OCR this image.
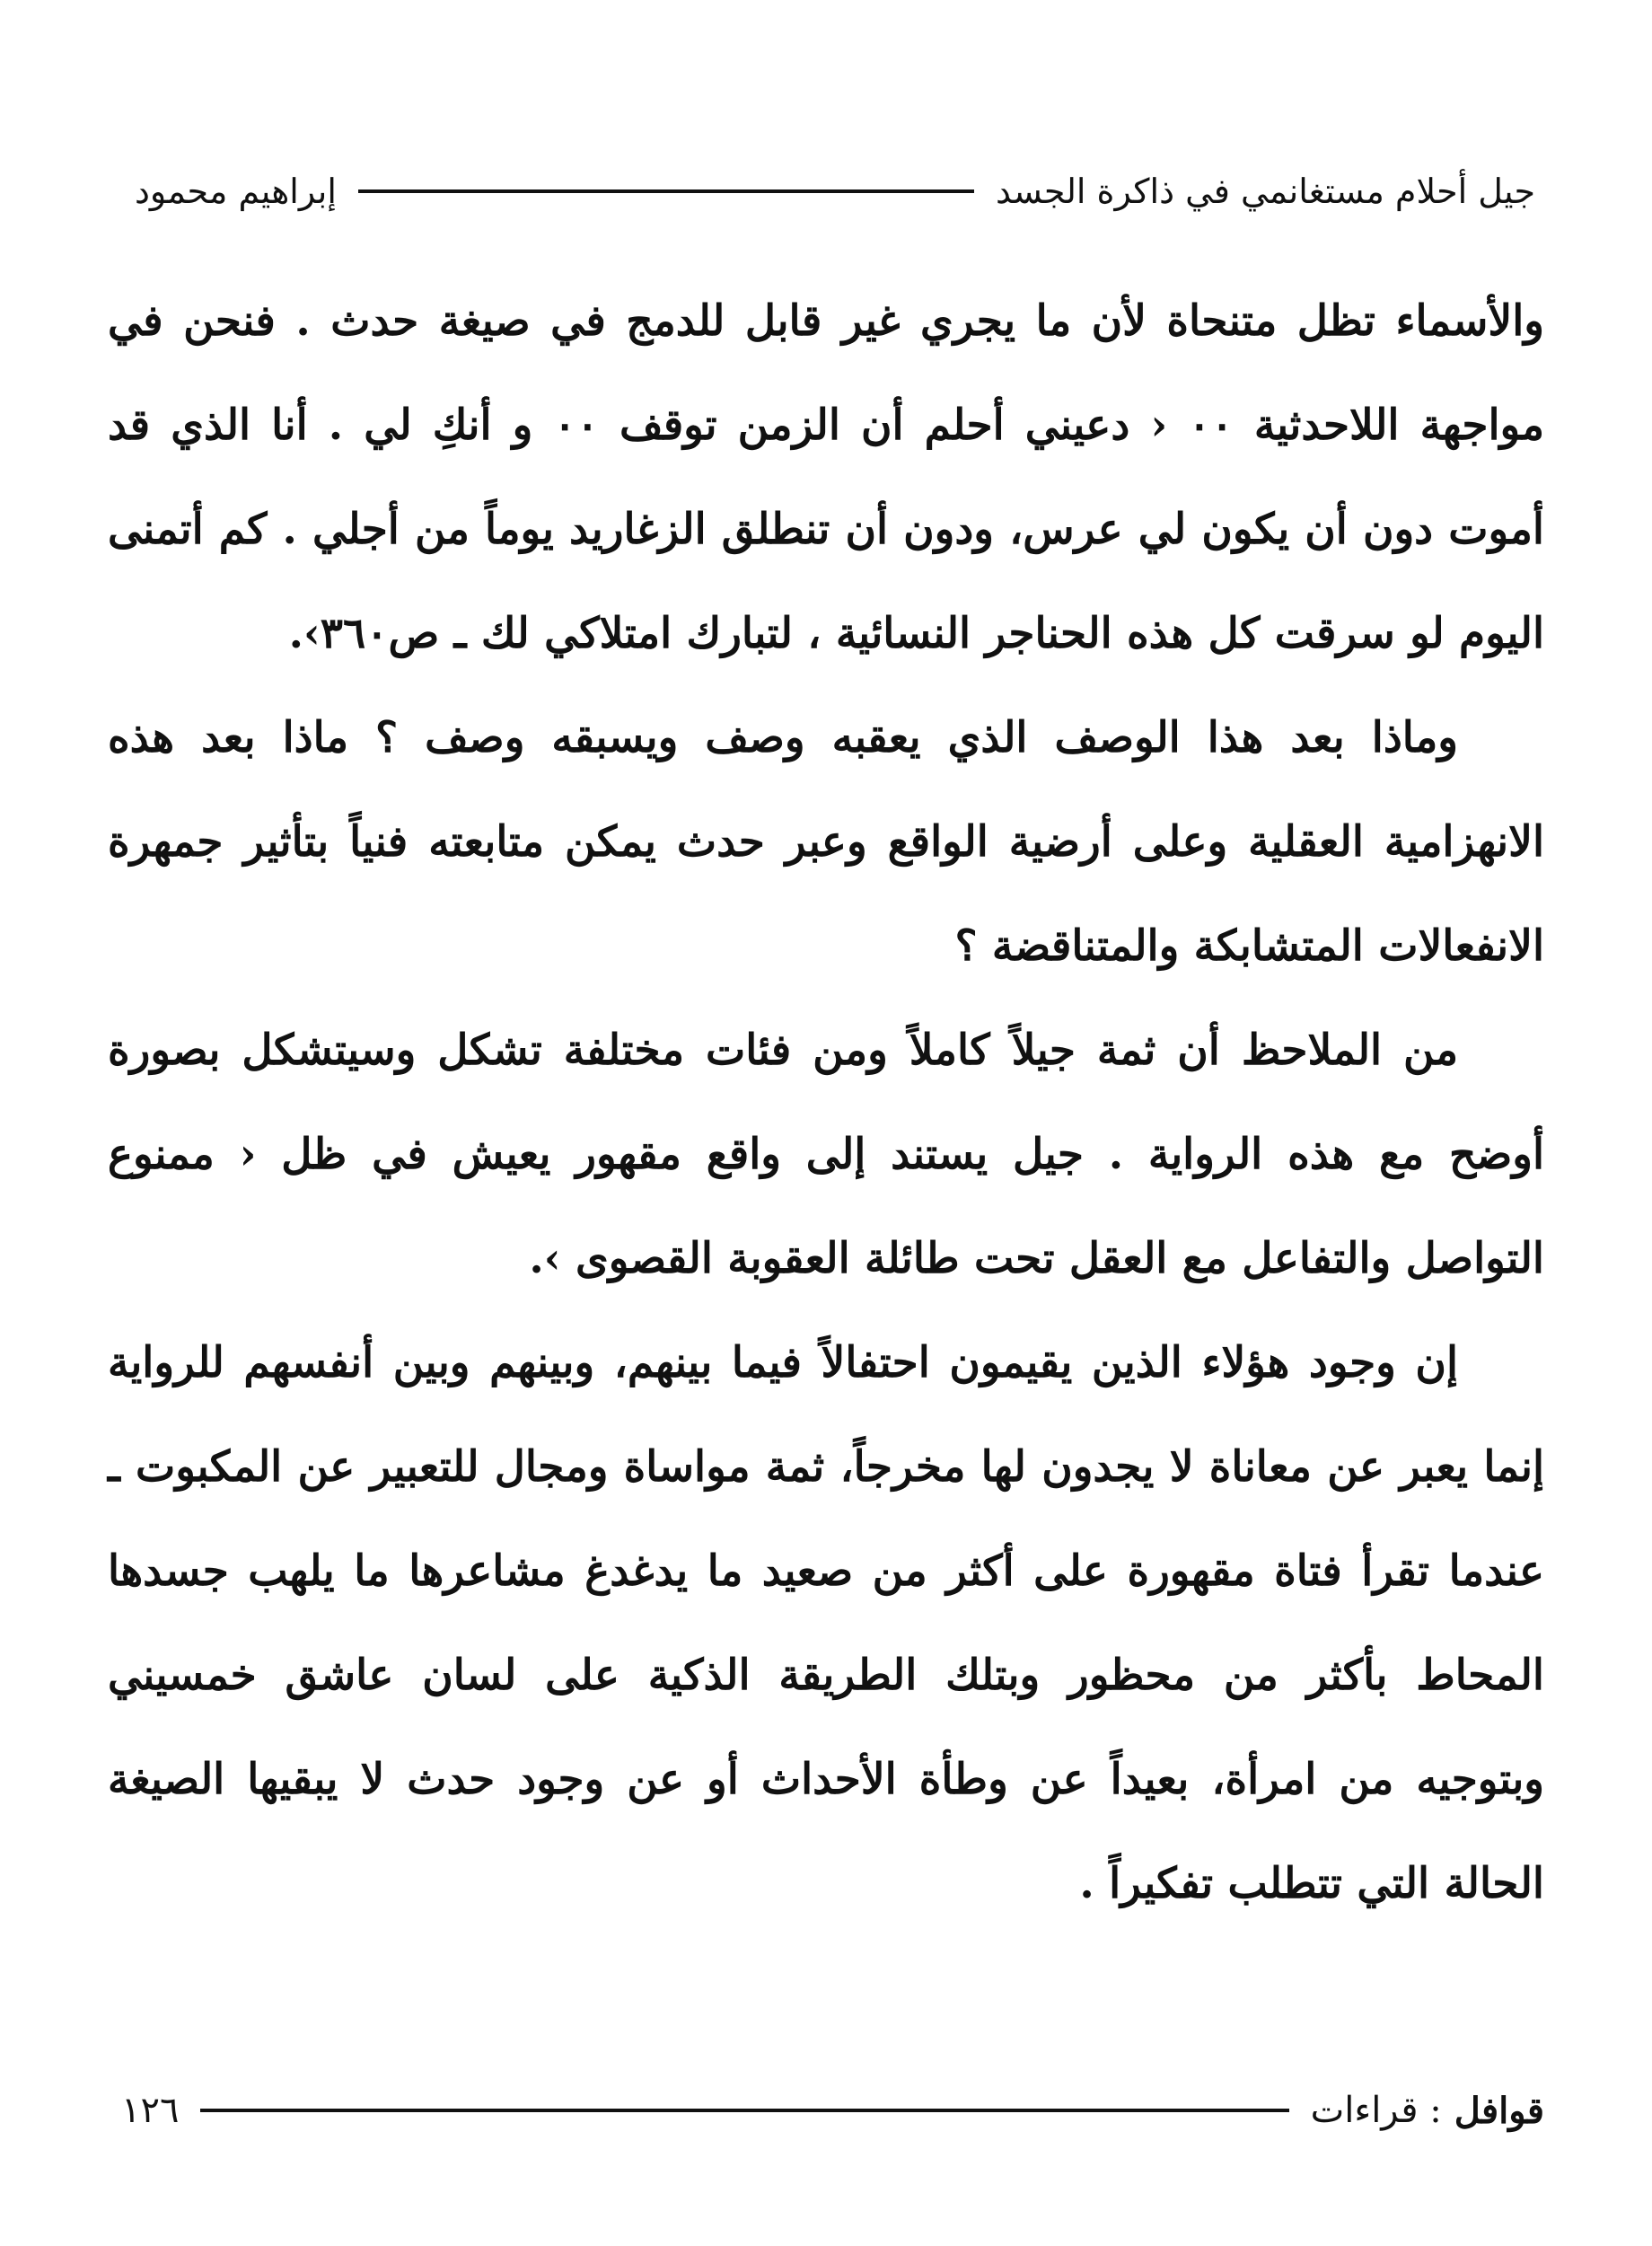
جيل أحلام مستغانمي في ذاكرة الجسد
إبراهيم محمود

والأسماء تظل متنحاة لأن ما يجري غير قابل للدمج في صيغة حدث . فنحن في مواجهة اللاحدثية ٠٠ ‹ دعيني أحلم أن الزمن توقف ٠٠ و أنكِ لي . أنا الذي قد أموت دون أن يكون لي عرس، ودون أن تنطلق الزغاريد يوماً من أجلي . كم أتمنى اليوم لو سرقت كل هذه الحناجر النسائية ، لتبارك امتلاكي لك ـ ص٣٦٠›.

وماذا بعد هذا الوصف الذي يعقبه وصف ويسبقه وصف ؟ ماذا بعد هذه الانهزامية العقلية وعلى أرضية الواقع وعبر حدث يمكن متابعته فنياً بتأثير جمهرة الانفعالات المتشابكة والمتناقضة ؟

من الملاحظ أن ثمة جيلاً كاملاً ومن فئات مختلفة تشكل وسيتشكل بصورة أوضح مع هذه الرواية . جيل يستند إلى واقع مقهور يعيش في ظل ‹ ممنوع التواصل والتفاعل مع العقل تحت طائلة العقوبة القصوى ›.

إن وجود هؤلاء الذين يقيمون احتفالاً فيما بينهم، وبينهم وبين أنفسهم للرواية إنما يعبر عن معاناة لا يجدون لها مخرجاً، ثمة مواساة ومجال للتعبير عن المكبوت ـ عندما تقرأ فتاة مقهورة على أكثر من صعيد ما يدغدغ مشاعرها ما يلهب جسدها المحاط بأكثر من محظور وبتلك الطريقة الذكية على لسان عاشق خمسيني وبتوجيه من امرأة، بعيداً عن وطأة الأحداث أو عن وجود حدث لا يبقيها الصيغة الحالة التي تتطلب تفكيراً .

قوافل
: قراءات
١٢٦
